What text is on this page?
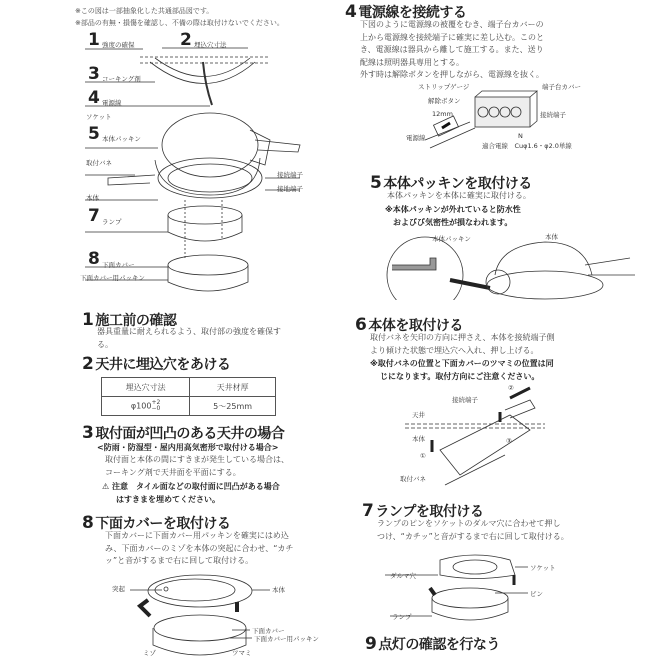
※この図は一部抽象化した共通部品図です。
※部品の有無・損傷を確認し、不備の際は取付けないでください。
1 強度の確保	2 埋込穴寸法
3 コーキング剤
4 電源線
ソケット
5 本体パッキン
取付バネ
本体
接続端子
接地端子
7 ランプ
8 下面カバー
下面カバー用パッキン
1 施工前の確認
器具重量に耐えられるよう、取付部の強度を確保す
る。
2 天井に埋込穴をあける
埋込穴寸法	天井材厚
φ100+2
−0	5〜25mm
3 取付面が凹凸のある天井の場合
<防雨・防湿型・屋内用高気密形で取付ける場合>
取付面と本体の間にすきまが発生している場合は、
コーキング剤で天井面を平面にする。
⚠ 注意　タイル面などの取付面に凹凸がある場合
はすきまを埋めてください。
8 下面カバーを取付ける
下面カバーに下面カバー用パッキンを確実にはめ込
み、下面カバーのミゾを本体の突起に合わせ、“カチ
ッ”と音がするまで右に回して取付ける。
突起	本体
下面カバー
下面カバー用パッキン
ミゾ	ツマミ
4 電源線を接続する
下図のように電源線の被覆をむき、端子台カバーの
上から電源線を接続端子に確実に差し込む。このと
き、電源線は器具から離して施工する。また、送り
配線は照明器具専用とする。
外す時は解除ボタンを押しながら、電源線を抜く。
ストリップゲージ	端子台カバー
解除ボタン
12mm	接続端子
電源線	N
適合電線　Cuφ1.6・φ2.0単線
5 本体パッキンを取付ける
本体パッキンを本体に確実に取付ける。
※本体パッキンが外れていると防水性
およびび気密性が損なわれます。
本体パッキン	本体
6 本体を取付ける
取付バネを矢印の方向に押さえ、本体を接続端子側
より傾けた状態で埋込穴へ入れ、押し上げる。
※取付バネの位置と下面カバーのツマミの位置は同
じになります。取付方向にご注意ください。
接続端子
天井
本体
取付バネ
①
②
③
7 ランプを取付ける
ランプのピンをソケットのダルマ穴に合わせて押し
つけ、“カチッ”と音がするまで右に回して取付ける。
ソケット
ダルマ穴
ピン
ランプ
9 点灯の確認を行なう
